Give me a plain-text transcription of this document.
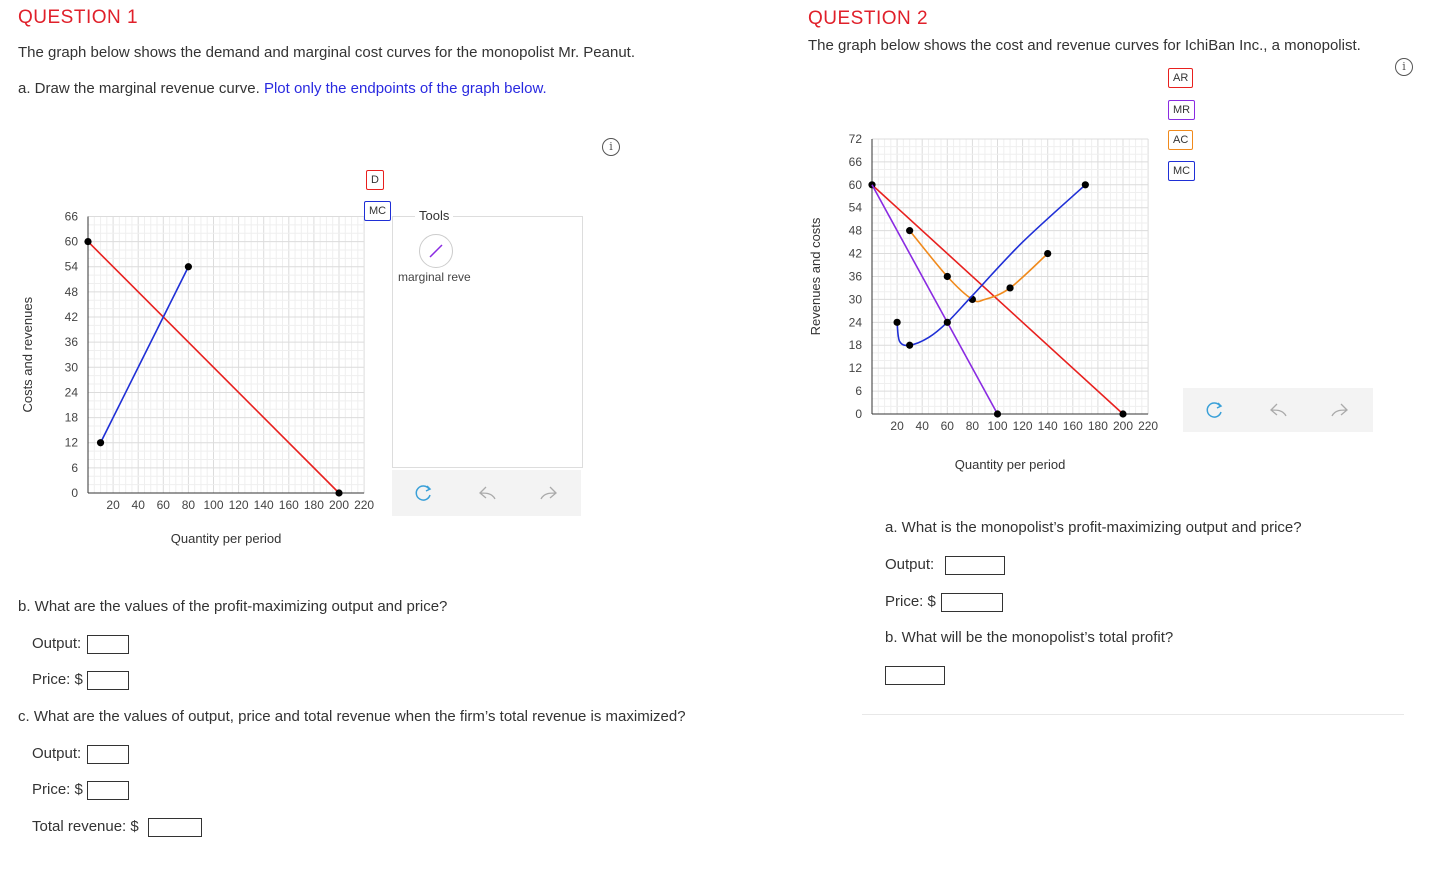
QUESTION 1
The graph below shows the demand and marginal cost curves for the monopolist Mr. Peanut.
a. Draw the marginal revenue curve. Plot only the endpoints of the graph below.
i
20 40 60 80 100 120 140 160 180 200 220
0
6
12
18
24
30
36
42
48
54
60
66
Quantity per period
Costs and revenues
D
MC	Tools
marginal reve
b. What are the values of the profit-maximizing output and price?
Output:
Price: $
c. What are the values of output, price and total revenue when the firm’s total revenue is maximized?
Output:
Price: $
Total revenue: $
QUESTION 2
The graph below shows the cost and revenue curves for IchiBan Inc., a monopolist.
i
AR
MR
AC
MC
20 40 60 80 100 120 140 160 180 200 220
0
6
12
18
24
30
36
42
48
54
60
66
72
Quantity per period
Revenues and costs
a. What is the monopolist’s profit-maximizing output and price?
Output:
Price: $
b. What will be the monopolist’s total profit?
